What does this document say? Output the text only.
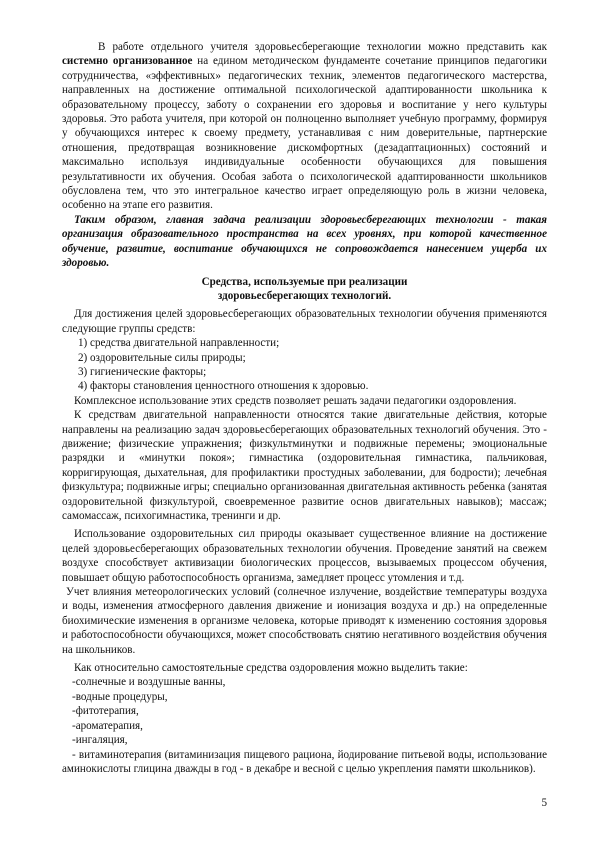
В работе отдельного учителя здоровьесберегающие технологии можно представить как системно организованное на едином методическом фундаменте сочетание принципов педагогики сотрудничества, «эффективных» педагогических техник, элементов педагогического мастерства, направленных на достижение оптимальной психологической адаптированности школьника к образовательному процессу, заботу о сохранении его здоровья и воспитание у него культуры здоровья. Это работа учителя, при которой он полноценно выполняет учебную программу, формируя у обучающихся интерес к своему предмету, устанавливая с ним доверительные, партнерские отношения, предотвращая возникновение дискомфортных (дезадаптационных) состояний и максимально используя индивидуальные особенности обучающихся для повышения результативности их обучения. Особая забота о психологической адаптированности школьников обусловлена тем, что это интегральное качество играет определяющую роль в жизни человека, особенно на этапе его развития.

Таким образом, главная задача реализации здоровьесберегающих технологии - такая организация образовательного пространства на всех уровнях, при которой качественное обучение, развитие, воспитание обучающихся не сопровождается нанесением ущерба их здоровью.

Средства, используемые при реализации
здоровьесберегающих технологий.

Для достижения целей здоровьесберегающих образовательных технологии обучения применяются следующие группы средств:

1) средства двигательной направленности;
2) оздоровительные силы природы;
3) гигиенические факторы;
4) факторы становления ценностного отношения к здоровью.

Комплексное использование этих средств позволяет решать задачи педагогики оздоровления.

К средствам двигательной направленности относятся такие двигательные действия, которые направлены на реализацию задач здоровьесберегающих образовательных технологий обучения. Это - движение; физические упражнения; физкультминутки и подвижные перемены; эмоциональные разрядки и «минутки покоя»; гимнастика (оздоровительная гимнастика, пальчиковая, корригирующая, дыхательная, для профилактики простудных заболевании, для бодрости); лечебная физкультура; подвижные игры; специально организованная двигательная активность ребенка (занятая оздоровительной физкультурой, своевременное развитие основ двигательных навыков); массаж; самомассаж, психогимнастика, тренинги и др.

Использование оздоровительных сил природы оказывает существенное влияние на достижение целей здоровьесберегающих образовательных технологии обучения. Проведение занятий на свежем воздухе способствует активизации биологических процессов, вызываемых процессом обучения, повышает общую работоспособность организма, замедляет процесс утомления и т.д.

Учет влияния метеорологических условий (солнечное излучение, воздействие температуры воздуха и воды, изменения атмосферного давления движение и ионизация воздуха и др.) на определенные биохимические изменения в организме человека, которые приводят к изменению состояния здоровья и работоспособности обучающихся, может способствовать снятию негативного воздействия обучения на школьников.

Как относительно самостоятельные средства оздоровления можно выделить такие:

-солнечные и воздушные ванны,
-водные процедуры,
-фитотерапия,
-ароматерапия,
-ингаляция,

- витаминотерапия (витаминизация пищевого рациона, йодирование питьевой воды, использование аминокислоты глицина дважды в год - в декабре и весной с целью укрепления памяти школьников).

5
